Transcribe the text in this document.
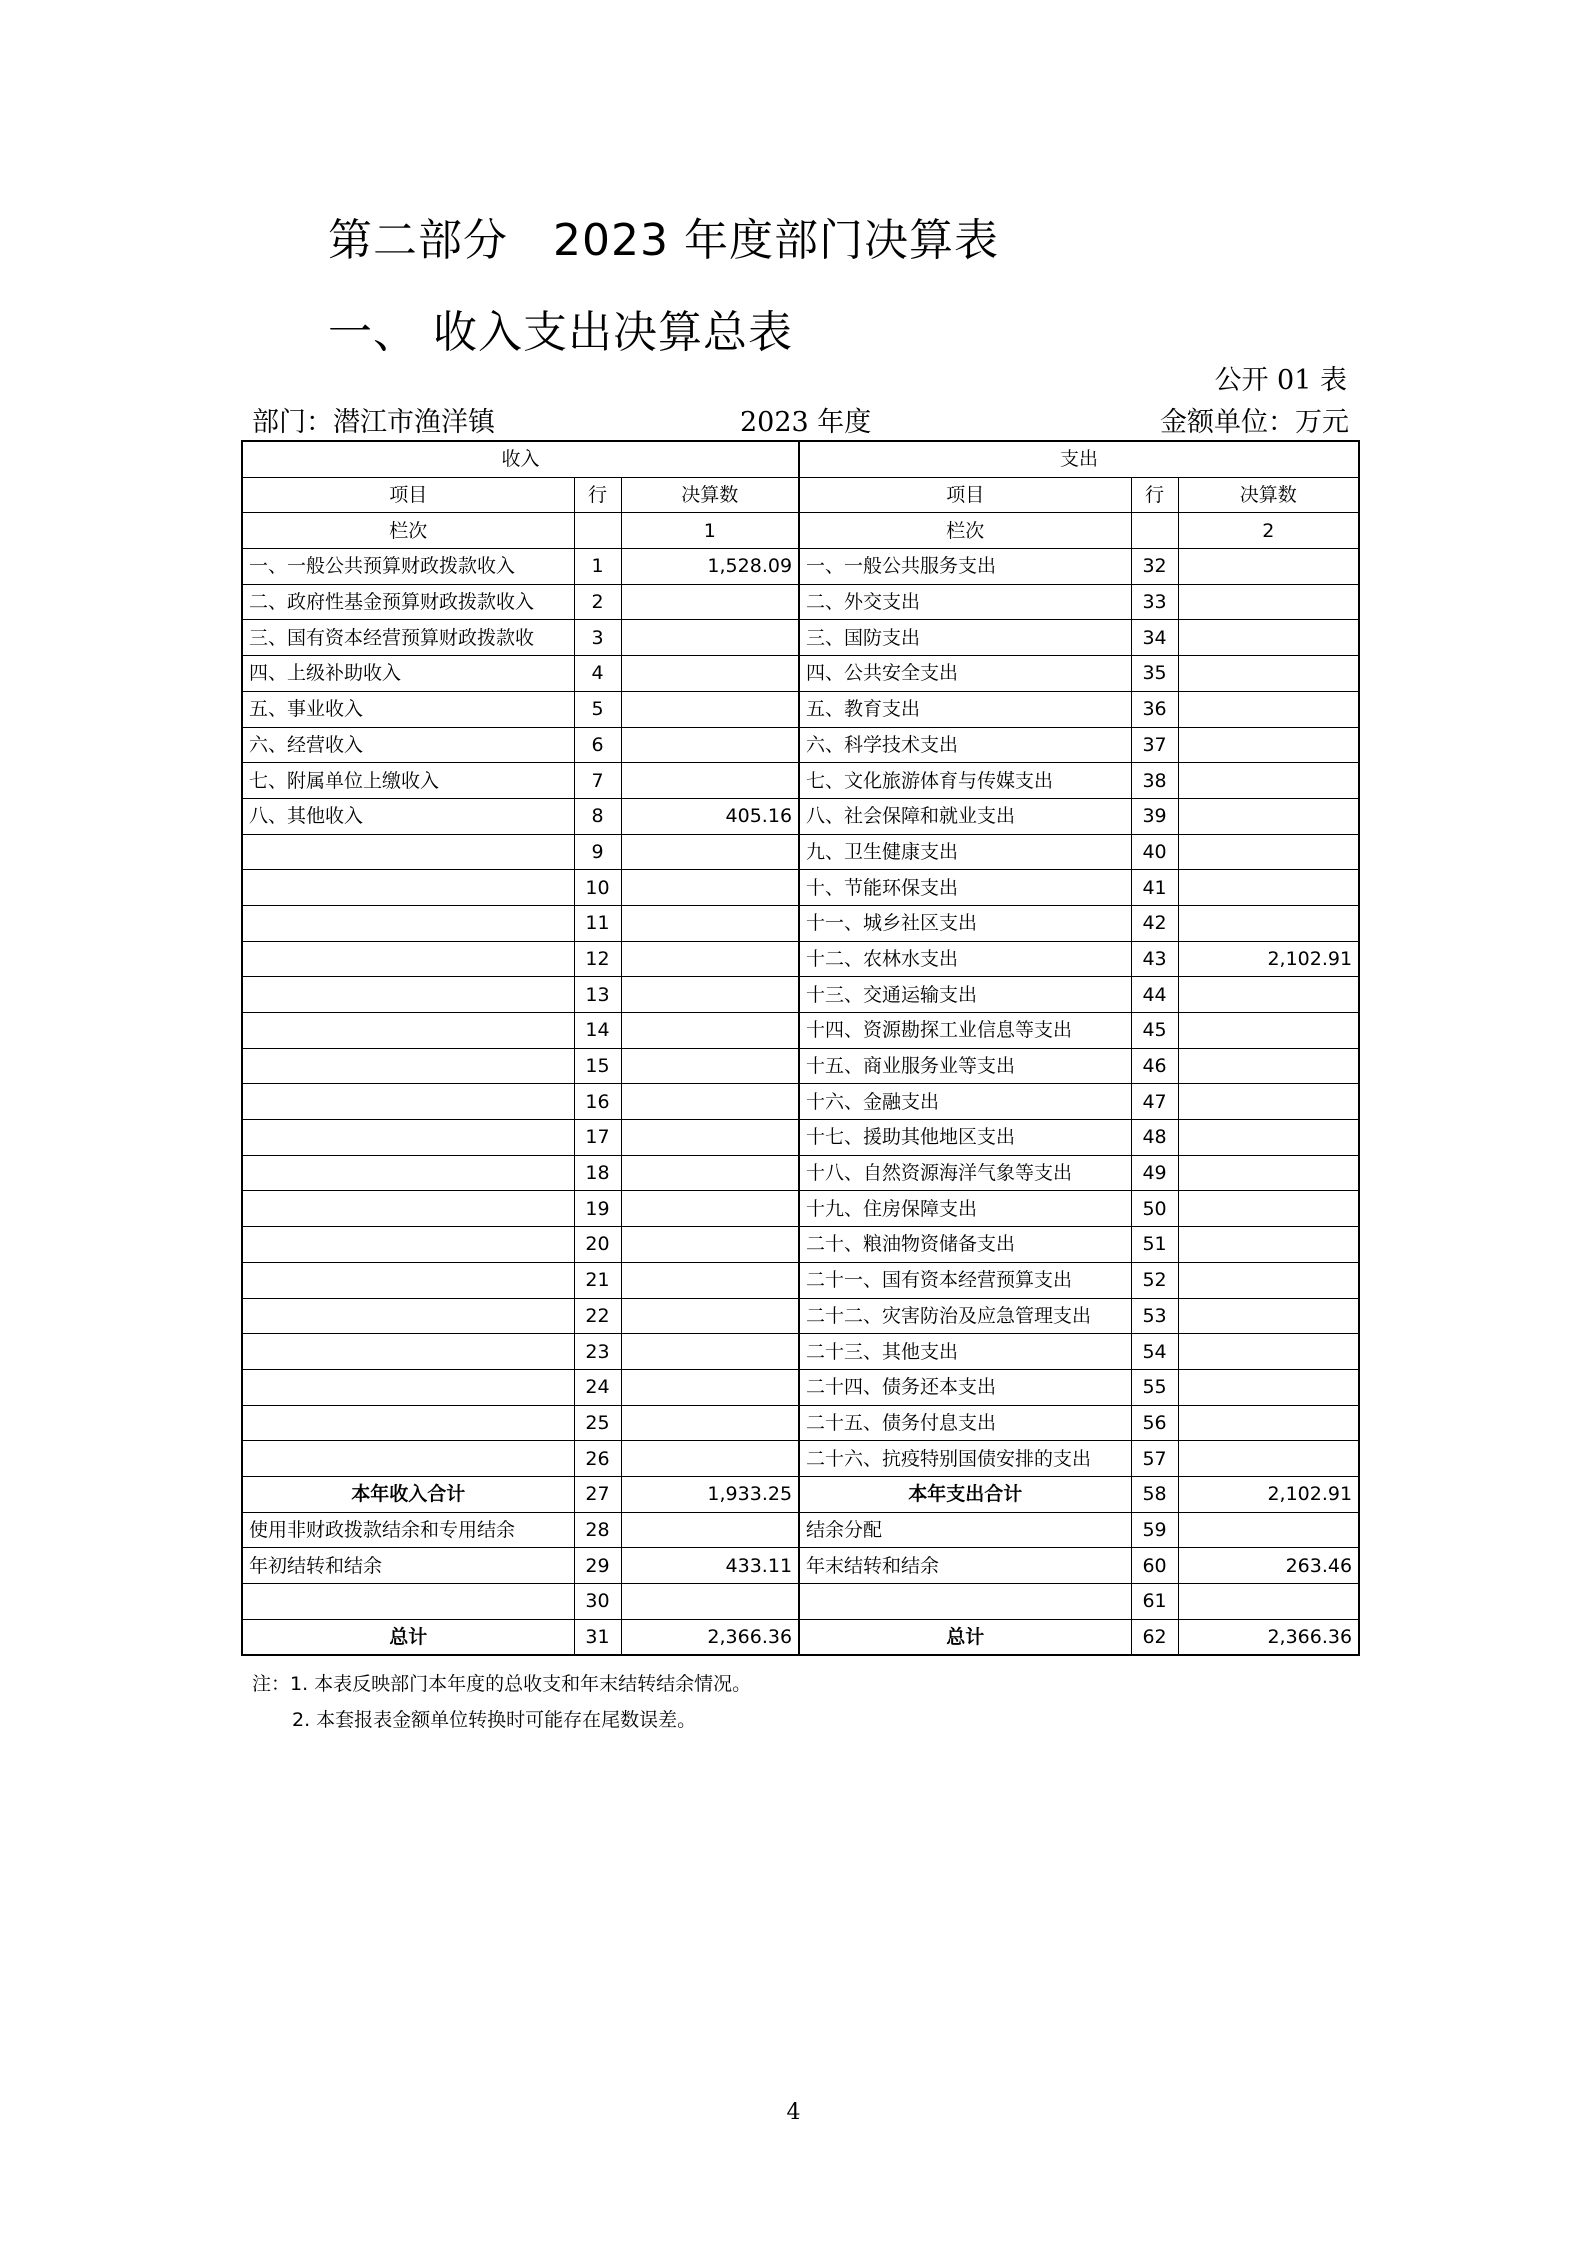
第二部分　2023 年度部门决算表
一、 收入支出决算总表
公开 01 表
部门：潜江市渔洋镇	2023 年度	金额单位：万元
收入			支出		
项目	行	决算数	项目	行	决算数
栏次		1	栏次		2
一、一般公共预算财政拨款收入	1	1,528.09	一、一般公共服务支出	32	
二、政府性基金预算财政拨款收入	2		二、外交支出	33	
三、国有资本经营预算财政拨款收	3		三、国防支出	34	
四、上级补助收入	4		四、公共安全支出	35	
五、事业收入	5		五、教育支出	36	
六、经营收入	6		六、科学技术支出	37	
七、附属单位上缴收入	7		七、文化旅游体育与传媒支出	38	
八、其他收入	8	405.16	八、社会保障和就业支出	39	
	9		九、卫生健康支出	40	
	10		十、节能环保支出	41	
	11		十一、城乡社区支出	42	
	12		十二、农林水支出	43	2,102.91
	13		十三、交通运输支出	44	
	14		十四、资源勘探工业信息等支出	45	
	15		十五、商业服务业等支出	46	
	16		十六、金融支出	47	
	17		十七、援助其他地区支出	48	
	18		十八、自然资源海洋气象等支出	49	
	19		十九、住房保障支出	50	
	20		二十、粮油物资储备支出	51	
	21		二十一、国有资本经营预算支出	52	
	22		二十二、灾害防治及应急管理支出	53	
	23		二十三、其他支出	54	
	24		二十四、债务还本支出	55	
	25		二十五、债务付息支出	56	
	26		二十六、抗疫特别国债安排的支出	57	
本年收入合计	27	1,933.25	本年支出合计	58	2,102.91
使用非财政拨款结余和专用结余	28		结余分配	59	
年初结转和结余	29	433.11	年末结转和结余	60	263.46
	30			61	
总计	31	2,366.36	总计	62	2,366.36
注：1. 本表反映部门本年度的总收支和年末结转结余情况。
2. 本套报表金额单位转换时可能存在尾数误差。
4
